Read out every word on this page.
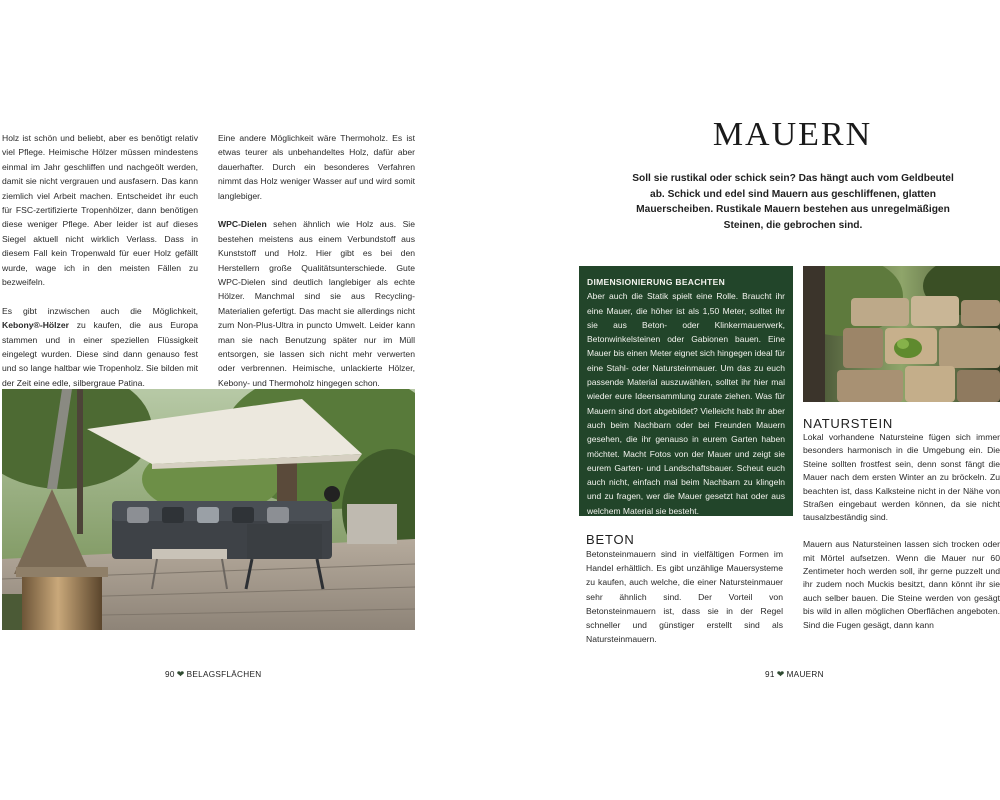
Holz ist schön und beliebt, aber es benötigt relativ viel Pflege. Heimische Hölzer müssen mindestens einmal im Jahr geschliffen und nachgeölt werden, damit sie nicht vergrauen und ausfasern. Das kann ziemlich viel Arbeit machen. Entscheidet ihr euch für FSC-zertifizierte Tropenhölzer, dann benötigen diese weniger Pflege. Aber leider ist auf dieses Siegel aktuell nicht wirklich Verlass. Dass in diesem Fall kein Tropenwald für euer Holz gefällt wurde, wage ich in den meisten Fällen zu bezweifeln.

Es gibt inzwischen auch die Möglichkeit, Kebony®-Hölzer zu kaufen, die aus Europa stammen und in einer speziellen Flüssigkeit eingelegt wurden. Diese sind dann genauso fest und so lange haltbar wie Tropenholz. Sie bilden mit der Zeit eine edle, silbergraue Patina.

Eine andere Möglichkeit wäre Thermoholz. Es ist etwas teurer als unbehandeltes Holz, dafür aber dauerhafter. Durch ein besonderes Verfahren nimmt das Holz weniger Wasser auf und wird somit langlebiger.

WPC-Dielen sehen ähnlich wie Holz aus. Sie bestehen meistens aus einem Verbundstoff aus Kunststoff und Holz. Hier gibt es bei den Herstellern große Qualitätsunterschiede. Gute WPC-Dielen sind deutlich langlebiger als echte Hölzer. Manchmal sind sie aus Recycling-Materialien gefertigt. Das macht sie allerdings nicht zum Non-Plus-Ultra in puncto Umwelt. Leider kann man sie nach Benutzung später nur im Müll entsorgen, sie lassen sich nicht mehr verwerten oder verbrennen. Heimische, unlackierte Hölzer, Kebony- und Thermoholz hingegen schon.

90 ❤ BELAGSFLÄCHEN
MAUERN
Soll sie rustikal oder schick sein? Das hängt auch vom Geldbeutel ab. Schick und edel sind Mauern aus geschliffenen, glatten Mauerscheiben. Rustikale Mauern bestehen aus unregelmäßigen Steinen, die gebrochen sind.
DIMENSIONIERUNG BEACHTEN

Aber auch die Statik spielt eine Rolle. Braucht ihr eine Mauer, die höher ist als 1,50 Meter, solltet ihr sie aus Beton- oder Klinkermauerwerk, Betonwinkelsteinen oder Gabionen bauen. Eine Mauer bis einen Meter eignet sich hingegen ideal für eine Stahl- oder Natursteinmauer. Um das zu euch passende Material auszuwählen, solltet ihr hier mal wieder eure Ideensammlung zurate ziehen. Was für Mauern sind dort abgebildet? Vielleicht habt ihr aber auch beim Nachbarn oder bei Freunden Mauern gesehen, die ihr genauso in eurem Garten haben möchtet. Macht Fotos von der Mauer und zeigt sie eurem Garten- und Landschaftsbauer. Scheut euch auch nicht, einfach mal beim Nachbarn zu klingeln und zu fragen, wer die Mauer gesetzt hat oder aus welchem Material sie besteht.

NATURSTEIN

Lokal vorhandene Natursteine fügen sich immer besonders harmonisch in die Umgebung ein. Die Steine sollten frostfest sein, denn sonst fängt die Mauer nach dem ersten Winter an zu bröckeln. Zu beachten ist, dass Kalksteine nicht in der Nähe von Straßen eingebaut werden können, da sie nicht tausalzbeständig sind.

Mauern aus Natursteinen lassen sich trocken oder mit Mörtel aufsetzen. Wenn die Mauer nur 60 Zentimeter hoch werden soll, ihr gerne puzzelt und ihr zudem noch Muckis besitzt, dann könnt ihr sie auch selber bauen. Die Steine werden von gesägt bis wild in allen möglichen Oberflächen angeboten. Sind die Fugen gesägt, dann kann

BETON

Betonsteinmauern sind in vielfältigen Formen im Handel erhältlich. Es gibt unzählige Mauersysteme zu kaufen, auch welche, die einer Natursteinmauer sehr ähnlich sind. Der Vorteil von Betonsteinmauern ist, dass sie in der Regel schneller und günstiger erstellt sind als Natursteinmauern.

91 ❤ MAUERN
